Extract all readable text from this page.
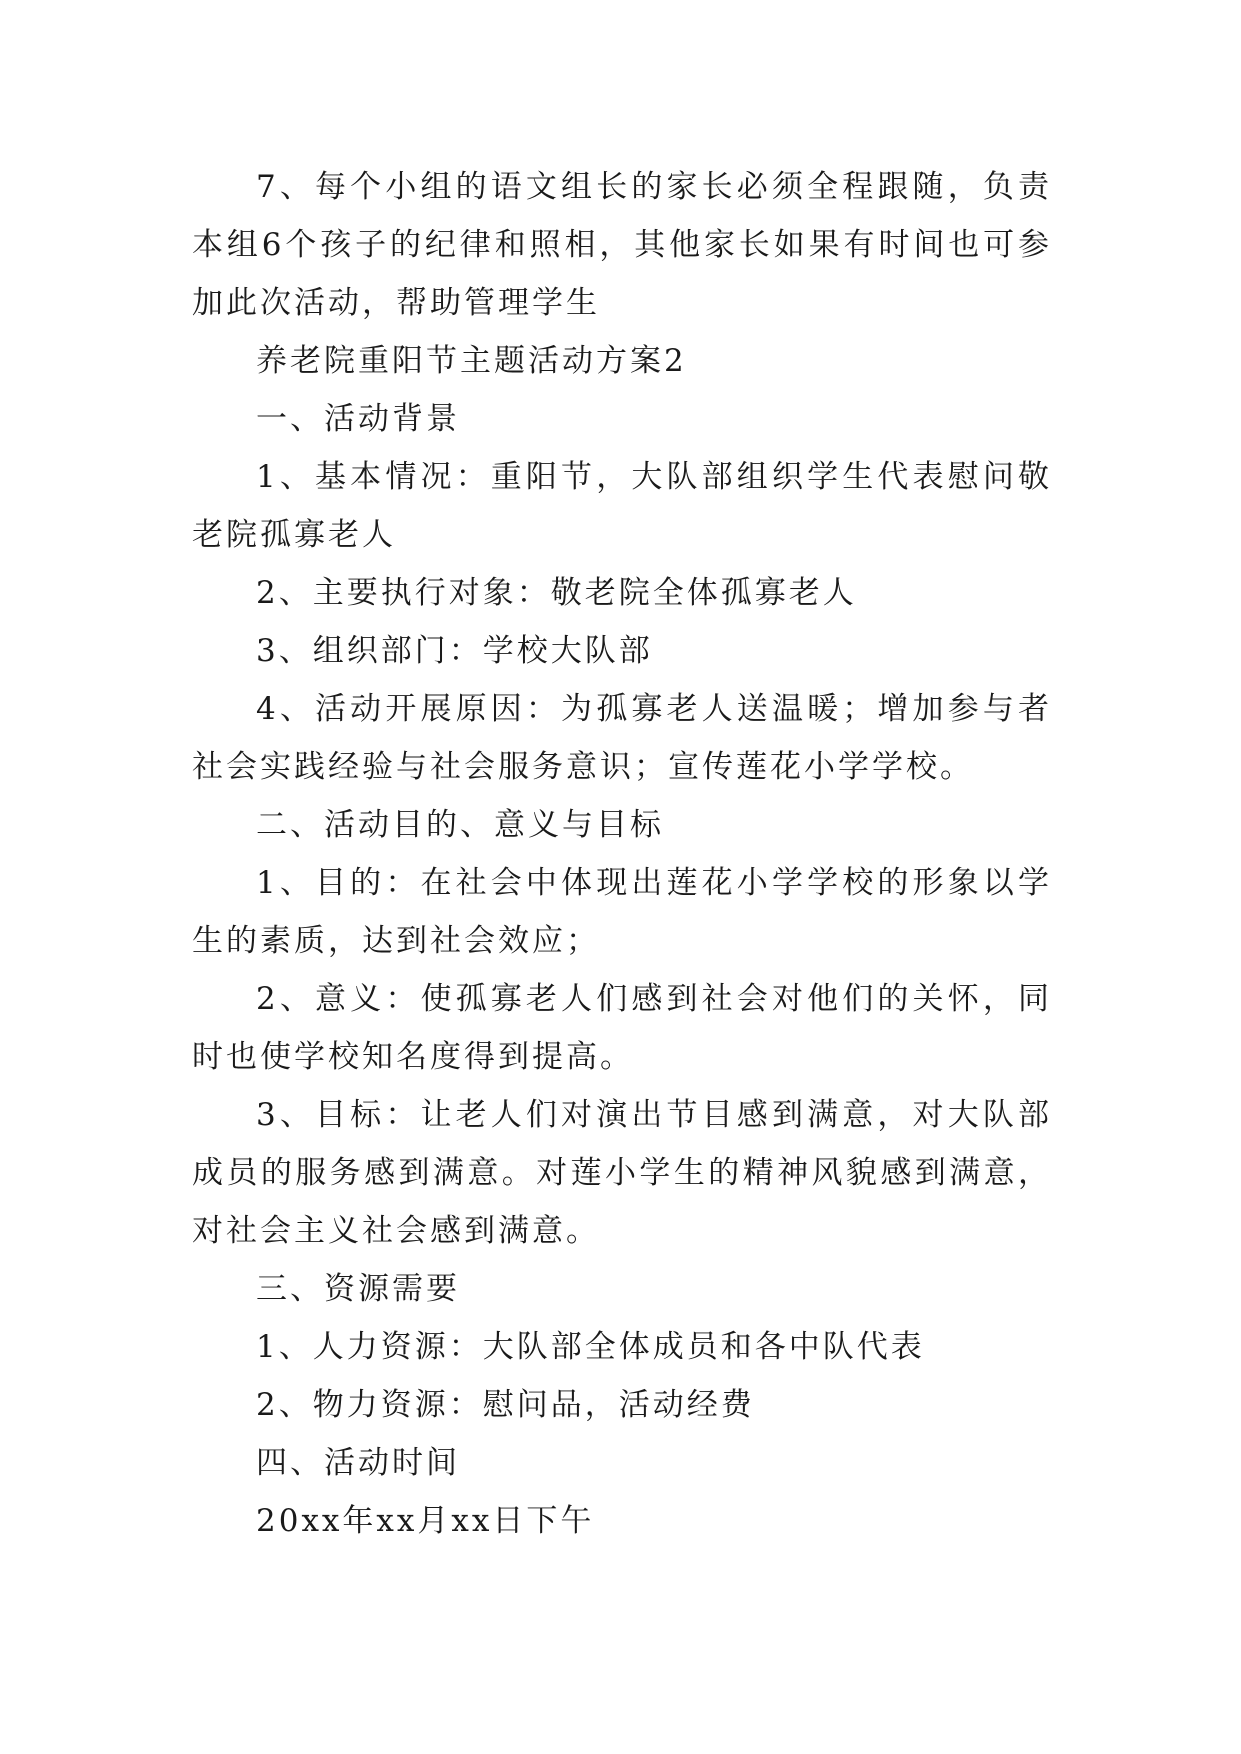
7、每个小组的语文组长的家长必须全程跟随，负责本组6个孩子的纪律和照相，其他家长如果有时间也可参加此次活动，帮助管理学生

养老院重阳节主题活动方案2

一、活动背景

1、基本情况：重阳节，大队部组织学生代表慰问敬老院孤寡老人

2、主要执行对象：敬老院全体孤寡老人

3、组织部门：学校大队部

4、活动开展原因：为孤寡老人送温暖；增加参与者社会实践经验与社会服务意识；宣传莲花小学学校。

二、活动目的、意义与目标

1、目的：在社会中体现出莲花小学学校的形象以学生的素质，达到社会效应；

2、意义：使孤寡老人们感到社会对他们的关怀，同时也使学校知名度得到提高。

3、目标：让老人们对演出节目感到满意，对大队部成员的服务感到满意。对莲小学生的精神风貌感到满意，对社会主义社会感到满意。

三、资源需要

1、人力资源：大队部全体成员和各中队代表

2、物力资源：慰问品，活动经费

四、活动时间

20xx年xx月xx日下午
